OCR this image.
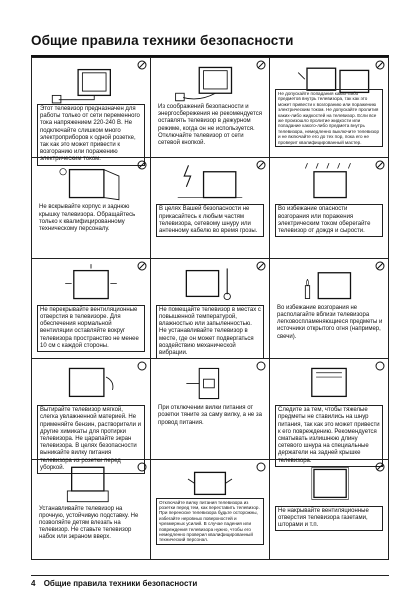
Общие правила техники безопасности
Этот телевизор предназначен для работы только от сети переменного тока напряжением 220-240 В. Не подключайте слишком много электроприборов к одной розетке, так как это может привести к возгоранию или поражению электрическим током.
Из соображений безопасности и энергосбережения не рекомендуется оставлять телевизор в дежурном режиме, когда он не используется. Отключайте телевизор от сети сетевой кнопкой.
Не допускайте попадания каких-либо предметов внутрь телевизора, так как это может привести к возгоранию или поражению электрическим током. Не допускайте пролития каких-либо жидкостей на телевизор. Если все же произошло пролитие жидкости или попадание какого-либо предмета внутрь телевизора, немедленно выключите телевизор и не включайте его до тех пор, пока его не проверит квалифицированный мастер.
Не вскрывайте корпус и заднюю крышку телевизора. Обращайтесь только к квалифицированному техническому персоналу.
В целях Вашей безопасности не прикасайтесь к любым частям телевизора, сетевому шнуру или антенному кабелю во время грозы.
Во избежание опасности возгорания или поражения электрическим током оберегайте телевизор от дождя и сырости.
Не перекрывайте вентиляционные отверстия в телевизоре. Для обеспечения нормальной вентиляции оставляйте вокруг телевизора пространство не менее 10 см с каждой стороны.
Не помещайте телевизор в местах с повышенной температурой, влажностью или запыленностью. Не устанавливайте телевизор в месте, где он может подвергаться воздействию механической вибрации.
Во избежание возгорания не располагайте вблизи телевизора легковоспламеняющиеся предметы и источники открытого огня (например, свечи).
Вытирайте телевизор мягкой, слегка увлажненной материей. Не применяйте бензин, растворители и другие химикаты для протирки телевизора. Не царапайте экран телевизора. В целях безопасности выникайте вилку питания телевизора из розетки перед уборкой.
При отключении вилки питания от розетки тяните за саму вилку, а не за провод питания.
Следите за тем, чтобы тяжелые предметы не ставились на шнур питания, так как это может привести к его повреждению. Рекомендуется сматывать излишнюю длину сетевого шнура на специальные держатели на задней крышке телевизора.
Устанавливайте телевизор на прочную, устойчивую подставку. Не позволяйте детям влезать на телевизор. Не ставьте телевизор набок или экраном вверх.
Отключайте вилку питания телевизора из розетки перед тем, как переставить телевизор. При переноске телевизора будьте осторожны, избегайте неровных поверхностей и чрезмерных усилий. В случае падения или повреждения телевизора нужно, чтобы его немедленно проверил квалифицированный технический персонал.
Не накрывайте вентиляционные отверстия телевизора газетами, шторами и т.п.
4 Общие правила техники безопасности
